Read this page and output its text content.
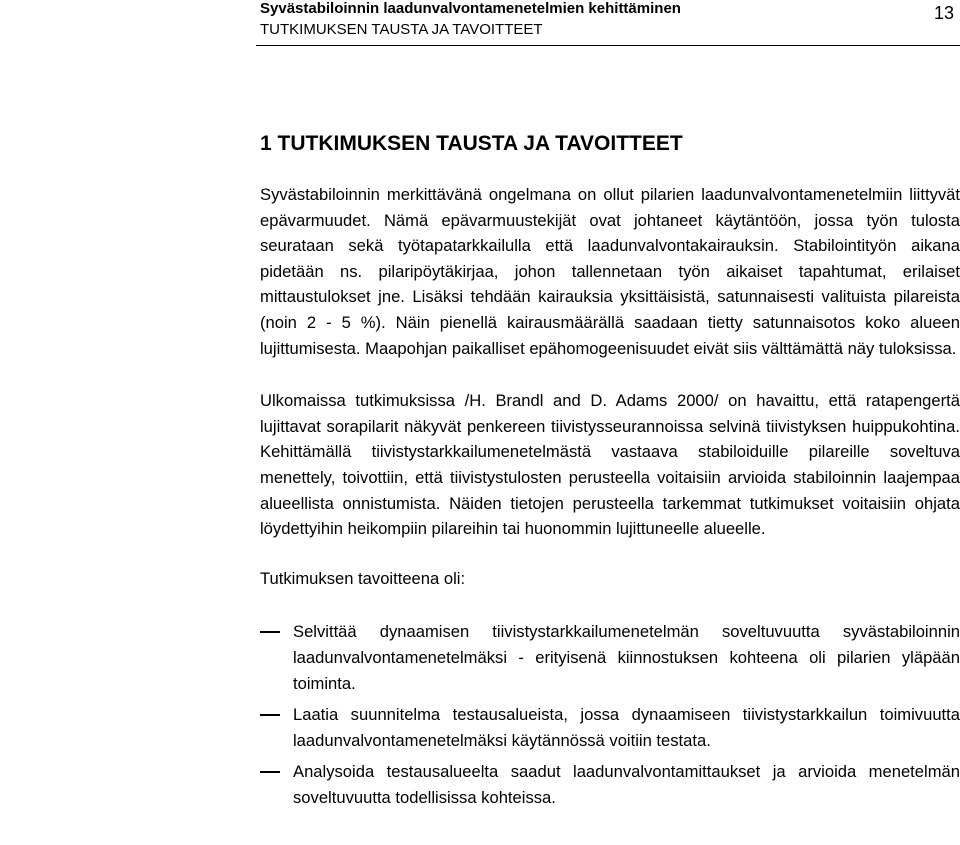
Syvästabiloinnin laadunvalvontamenetelmien kehittäminen
TUTKIMUKSEN TAUSTA JA TAVOITTEET
13
1 TUTKIMUKSEN TAUSTA JA TAVOITTEET

Syvästabiloinnin merkittävänä ongelmana on ollut pilarien laadunvalvontamenetelmiin liittyvät epävarmuudet. Nämä epävarmuustekijät ovat johtaneet käytäntöön, jossa työn tulosta seurataan sekä työtapatarkkailulla että laadunvalvontakairauksin. Stabilointityön aikana pidetään ns. pilaripöytäkirjaa, johon tallennetaan työn aikaiset tapahtumat, erilaiset mittaustulokset jne. Lisäksi tehdään kairauksia yksittäisistä, satunnaisesti valituista pilareista (noin 2 - 5 %). Näin pienellä kairausmäärällä saadaan tietty satunnaisotos koko alueen lujittumisesta. Maapohjan paikalliset epähomogeenisuudet eivät siis välttämättä näy tuloksissa.

Ulkomaissa tutkimuksissa /H. Brandl and D. Adams 2000/ on havaittu, että ratapengertä lujittavat sorapilarit näkyvät penkereen tiivistysseurannoissa selvinä tiivistyksen huippukohtina. Kehittämällä tiivistystarkkailumenetelmästä vastaava stabiloiduille pilareille soveltuva menettely, toivottiin, että tiivistystulosten perusteella voitaisiin arvioida stabiloinnin laajempaa alueellista onnistumista. Näiden tietojen perusteella tarkemmat tutkimukset voitaisiin ohjata löydettyihin heikompiin pilareihin tai huonommin lujittuneelle alueelle.

Tutkimuksen tavoitteena oli:

Selvittää dynaamisen tiivistystarkkailumenetelmän soveltuvuutta syvästabiloinnin laadunvalvontamenetelmäksi - erityisenä kiinnostuksen kohteena oli pilarien yläpään toiminta.
Laatia suunnitelma testausalueista, jossa dynaamiseen tiivistystarkkailun toimivuutta laadunvalvontamenetelmäksi käytännössä voitiin testata.
Analysoida testausalueelta saadut laadunvalvontamittaukset ja arvioida menetelmän soveltuvuutta todellisissa kohteissa.
